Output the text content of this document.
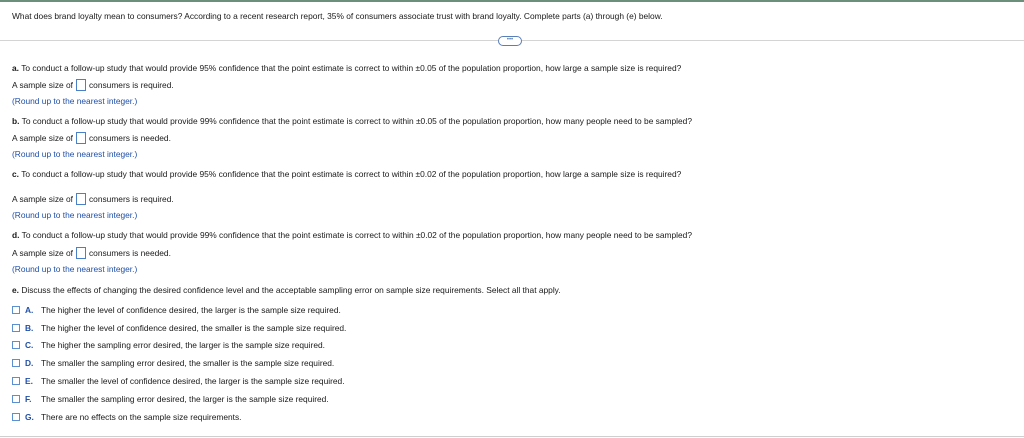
What does brand loyalty mean to consumers? According to a recent research report, 35% of consumers associate trust with brand loyalty. Complete parts (a) through (e) below.
•••
a. To conduct a follow-up study that would provide 95% confidence that the point estimate is correct to within ±0.05 of the population proportion, how large a sample size is required?
A sample size of consumers is required.
(Round up to the nearest integer.)
b. To conduct a follow-up study that would provide 99% confidence that the point estimate is correct to within ±0.05 of the population proportion, how many people need to be sampled?
A sample size of consumers is needed.
(Round up to the nearest integer.)
c. To conduct a follow-up study that would provide 95% confidence that the point estimate is correct to within ±0.02 of the population proportion, how large a sample size is required?
A sample size of consumers is required.
(Round up to the nearest integer.)
d. To conduct a follow-up study that would provide 99% confidence that the point estimate is correct to within ±0.02 of the population proportion, how many people need to be sampled?
A sample size of consumers is needed.
(Round up to the nearest integer.)
e. Discuss the effects of changing the desired confidence level and the acceptable sampling error on sample size requirements. Select all that apply.
A. The higher the level of confidence desired, the larger is the sample size required.
B. The higher the level of confidence desired, the smaller is the sample size required.
C. The higher the sampling error desired, the larger is the sample size required.
D. The smaller the sampling error desired, the smaller is the sample size required.
E. The smaller the level of confidence desired, the larger is the sample size required.
F.	The smaller the sampling error desired, the larger is the sample size required.
G. There are no effects on the sample size requirements.
